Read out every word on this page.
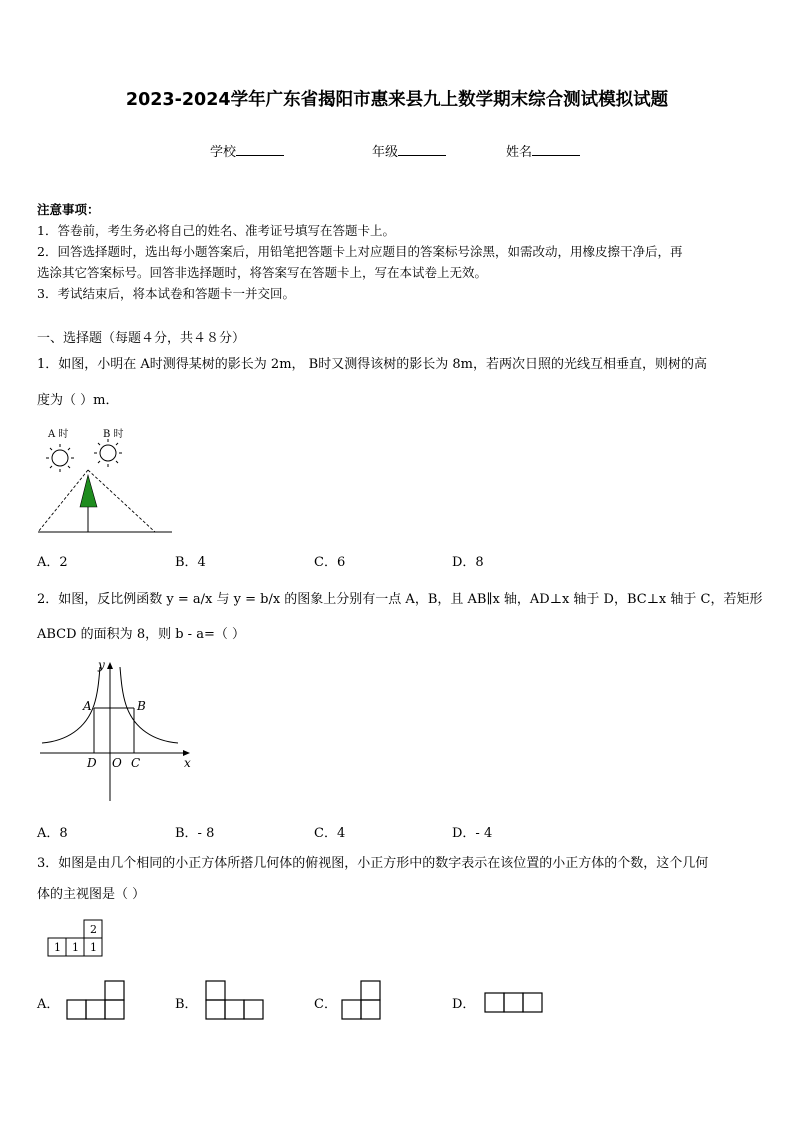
2023-2024学年广东省揭阳市惠来县九上数学期末综合测试模拟试题
学校	年级	姓名
注意事项：
1．答卷前，考生务必将自己的姓名、准考证号填写在答题卡上。
2．回答选择题时，选出每小题答案后，用铅笔把答题卡上对应题目的答案标号涂黑，如需改动，用橡皮擦干净后，再
选涂其它答案标号。回答非选择题时，将答案写在答题卡上，写在本试卷上无效。
3．考试结束后，将本试卷和答题卡一并交回。
一、选择题（每题４分，共４８分）
1．如图，小明在 A时测得某树的影长为 2m， B时又测得该树的影长为 8m，若两次日照的光线互相垂直，则树的高
度为（ ）m．
A 时	B 时
A．2	B．4	C．6	D．8
2．如图，反比例函数 y = a/x 与 y = b/x 的图象上分别有一点 A，B，且 AB∥x 轴，AD⊥x 轴于 D，BC⊥x 轴于 C，若矩形
ABCD 的面积为 8，则 b - a=（ ）
y
x
A	B
D O C
A．8	B．- 8	C．4	D．- 4
3．如图是由几个相同的小正方体所搭几何体的俯视图，小正方形中的数字表示在该位置的小正方体的个数，这个几何
体的主视图是（ ）
2
1 1 1
A．	B．	C．	D．
